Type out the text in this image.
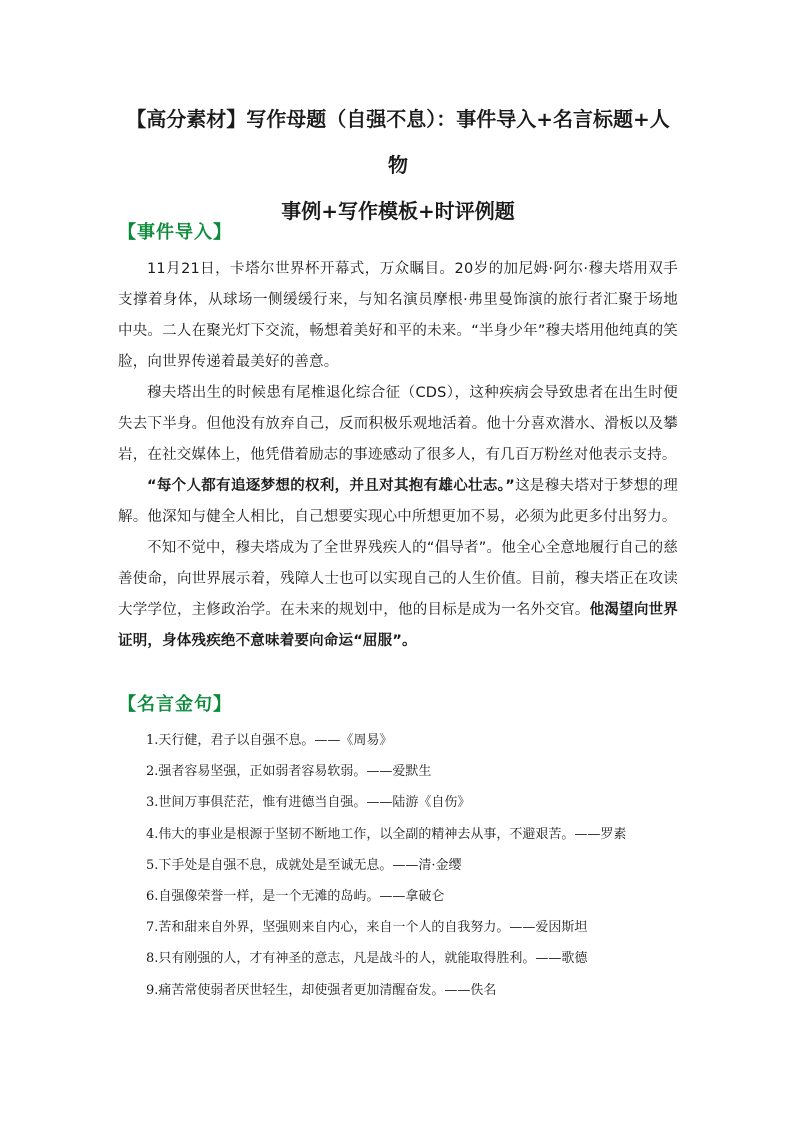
【高分素材】写作母题（自强不息）：事件导入+名言标题+人物
事例+写作模板+时评例题
【事件导入】

11月21日，卡塔尔世界杯开幕式，万众瞩目。20岁的加尼姆·阿尔·穆夫塔用双手支撑着身体，从球场一侧缓缓行来，与知名演员摩根·弗里曼饰演的旅行者汇聚于场地中央。二人在聚光灯下交流，畅想着美好和平的未来。“半身少年”穆夫塔用他纯真的笑脸，向世界传递着最美好的善意。

穆夫塔出生的时候患有尾椎退化综合征（CDS），这种疾病会导致患者在出生时便失去下半身。但他没有放弃自己，反而积极乐观地活着。他十分喜欢潜水、滑板以及攀岩，在社交媒体上，他凭借着励志的事迹感动了很多人，有几百万粉丝对他表示支持。

“每个人都有追逐梦想的权利，并且对其抱有雄心壮志。”这是穆夫塔对于梦想的理解。他深知与健全人相比，自己想要实现心中所想更加不易，必须为此更多付出努力。

不知不觉中，穆夫塔成为了全世界残疾人的“倡导者”。他全心全意地履行自己的慈善使命，向世界展示着，残障人士也可以实现自己的人生价值。目前，穆夫塔正在攻读大学学位，主修政治学。在未来的规划中，他的目标是成为一名外交官。他渴望向世界证明，身体残疾绝不意味着要向命运“屈服”。

【名言金句】
1.天行健，君子以自强不息。——《周易》
2.强者容易坚强，正如弱者容易软弱。——爱默生
3.世间万事俱茫茫，惟有进德当自强。——陆游《自伤》
4.伟大的事业是根源于坚韧不断地工作，以全副的精神去从事，不避艰苦。——罗素
5.下手处是自强不息，成就处是至诚无息。——清·金缨
6.自强像荣誉一样，是一个无滩的岛屿。——拿破仑
7.苦和甜来自外界，坚强则来自内心，来自一个人的自我努力。——爱因斯坦
8.只有刚强的人，才有神圣的意志，凡是战斗的人，就能取得胜利。——歌德
9.痛苦常使弱者厌世轻生，却使强者更加清醒奋发。——佚名
